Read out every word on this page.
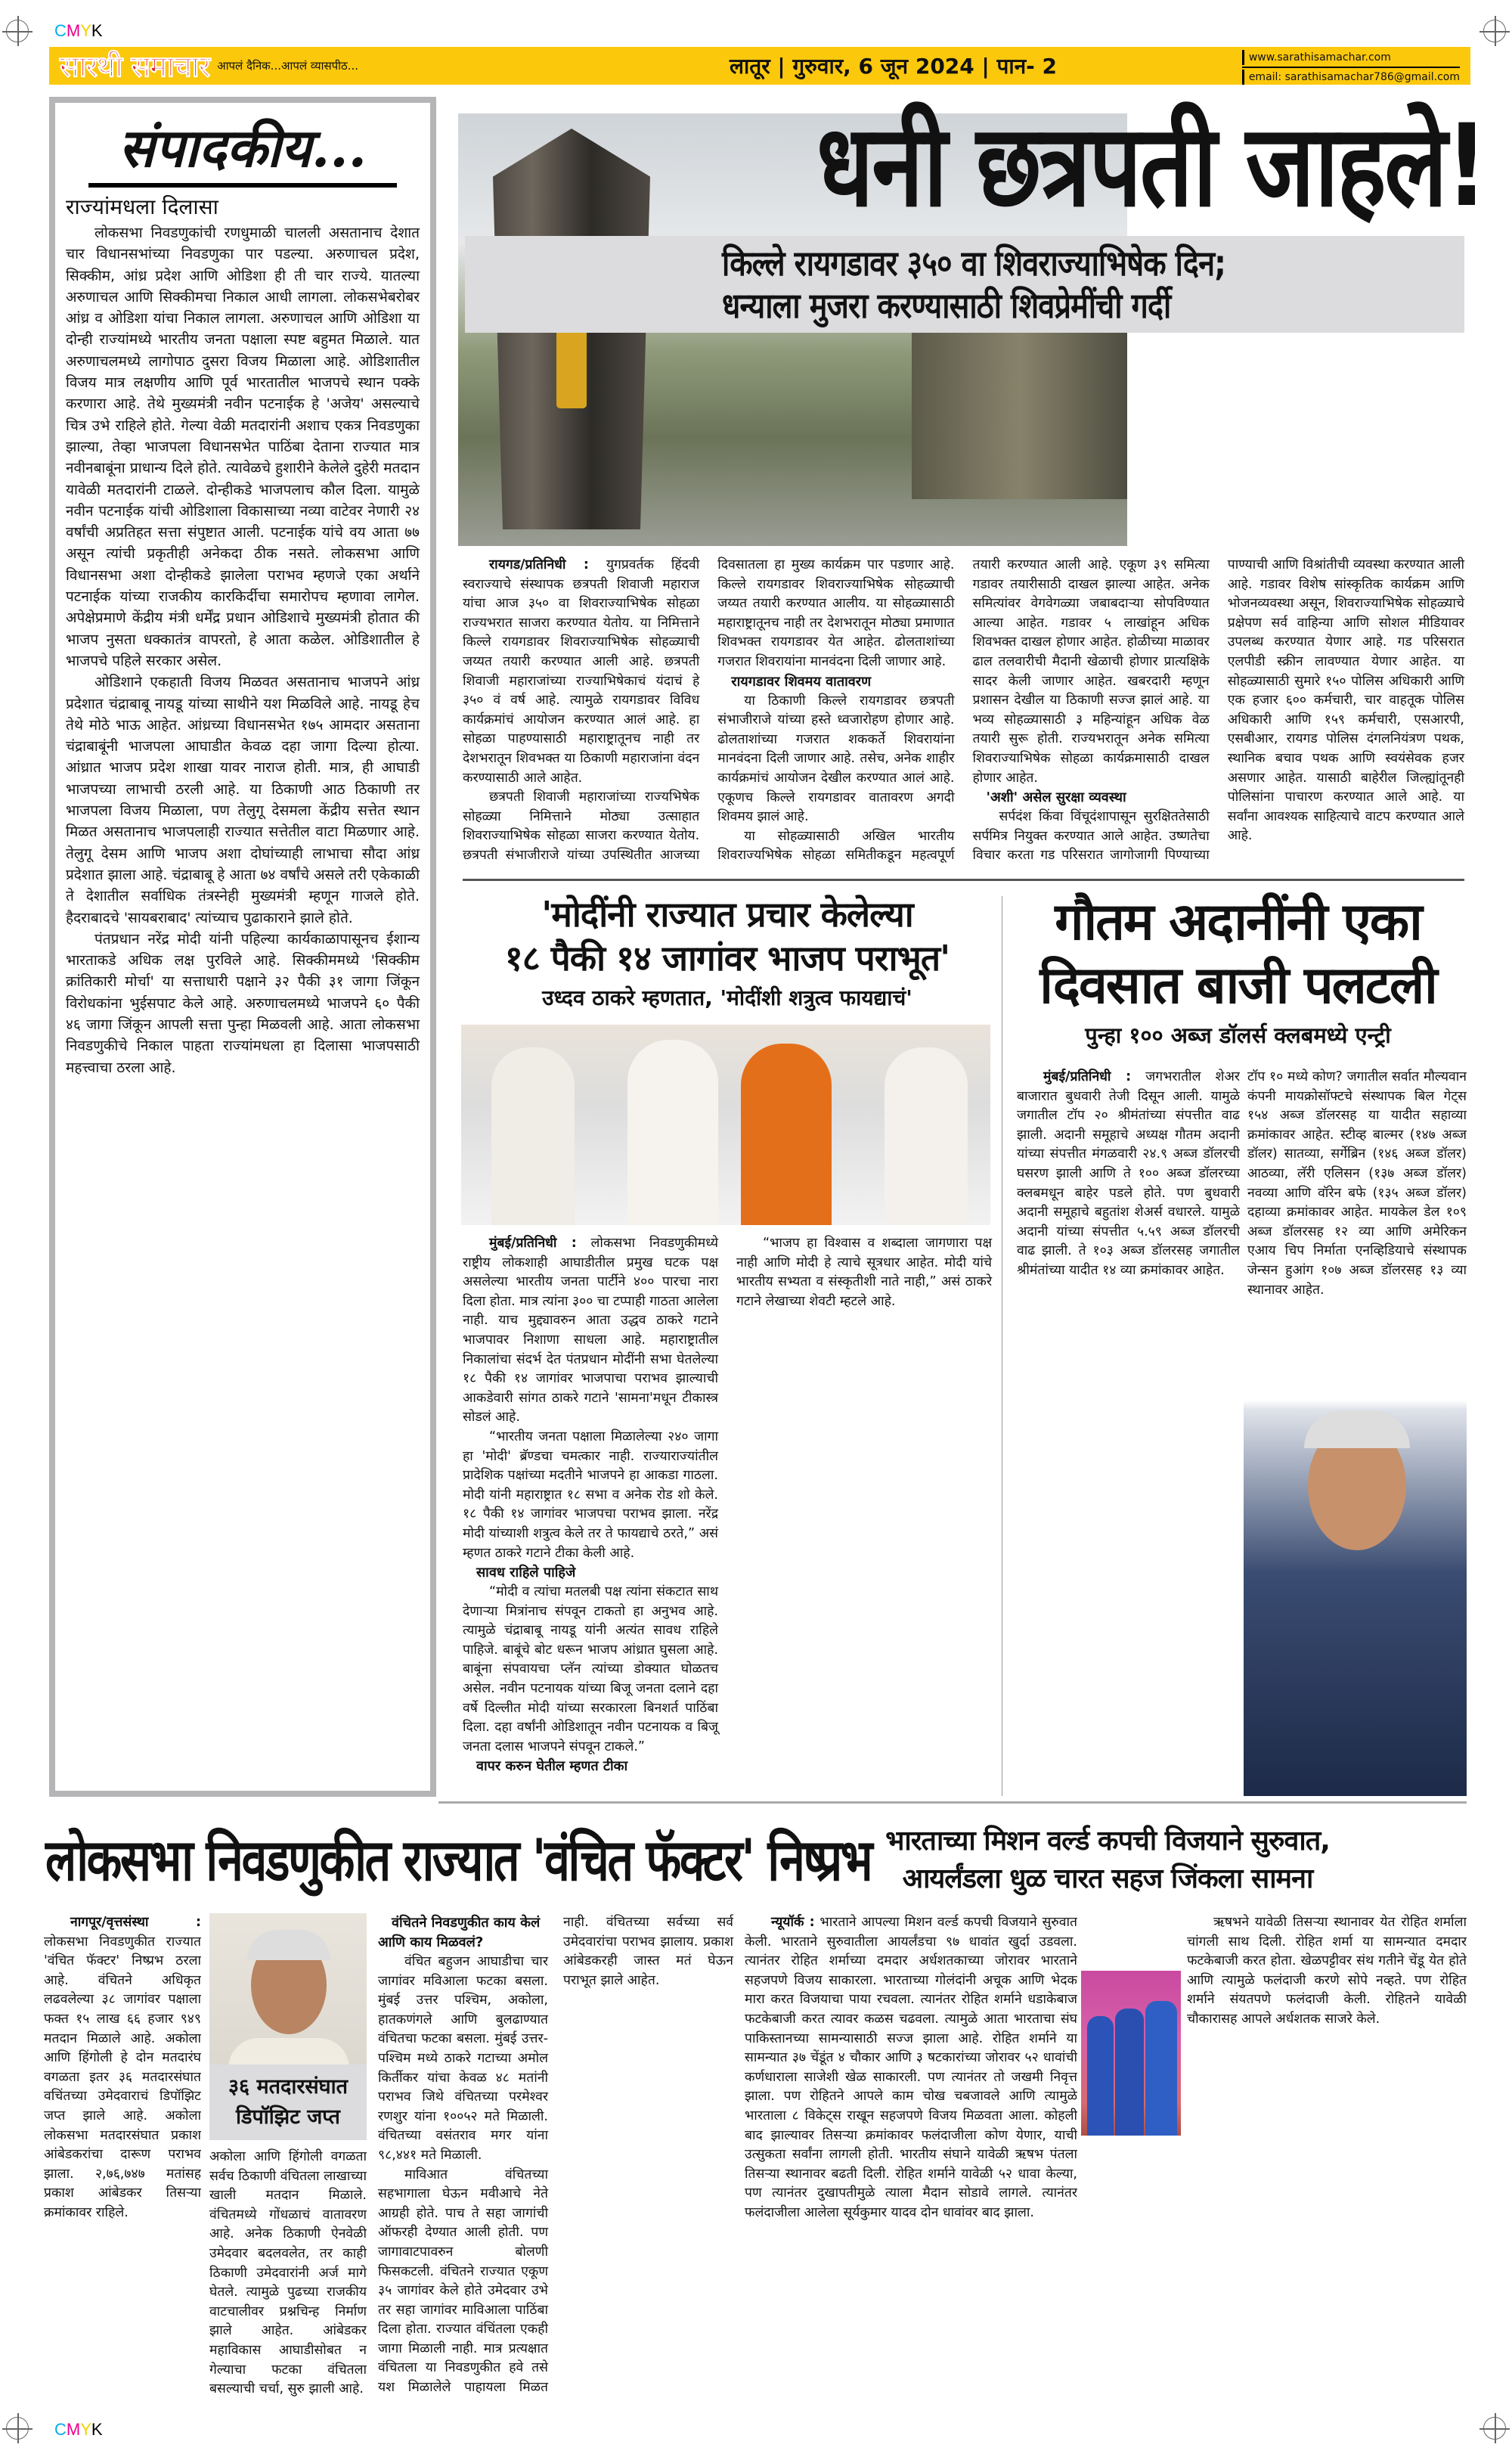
CMYK
CMYK
सारथी समाचार आपलं दैनिक...आपलं व्यासपीठ...	लातूर | गुरुवार, 6 जून 2024 | पान- 2	www.sarathisamachar.com
email: sarathisamachar786@gmail.com
संपादकीय...
राज्यांमधला दिलासा

लोकसभा निवडणुकांची रणधुमाळी चालली असतानाच देशात चार विधानसभांच्या निवडणुका पार पडल्या. अरुणाचल प्रदेश, सिक्कीम, आंध्र प्रदेश आणि ओडिशा ही ती चार राज्ये. यातल्या अरुणाचल आणि सिक्कीमचा निकाल आधी लागला. लोकसभेबरोबर आंध्र व ओडिशा यांचा निकाल लागला. अरुणाचल आणि ओडिशा या दोन्ही राज्यांमध्ये भारतीय जनता पक्षाला स्पष्ट बहुमत मिळाले. यात अरुणाचलमध्ये लागोपाठ दुसरा विजय मिळाला आहे. ओडिशातील विजय मात्र लक्षणीय आणि पूर्व भारतातील भाजपचे स्थान पक्के करणारा आहे. तेथे मुख्यमंत्री नवीन पटनाईक हे 'अजेय' असल्याचे चित्र उभे राहिले होते. गेल्या वेळी मतदारांनी अशाच एकत्र निवडणुका झाल्या, तेव्हा भाजपला विधानसभेत पाठिंबा देताना राज्यात मात्र नवीनबाबूंना प्राधान्य दिले होते. त्यावेळचे हुशारीने केलेले दुहेरी मतदान यावेळी मतदारांनी टाळले. दोन्हीकडे भाजपलाच कौल दिला. यामुळे नवीन पटनाईक यांची ओडिशाला विकासाच्या नव्या वाटेवर नेणारी २४ वर्षांची अप्रतिहत सत्ता संपुष्टात आली. पटनाईक यांचे वय आता ७७ असून त्यांची प्रकृतीही अनेकदा ठीक नसते. लोकसभा आणि विधानसभा अशा दोन्हीकडे झालेला पराभव म्हणजे एका अर्थाने पटनाईक यांच्या राजकीय कारकिर्दीचा समारोपच म्हणावा लागेल. अपेक्षेप्रमाणे केंद्रीय मंत्री धर्मेंद्र प्रधान ओडिशाचे मुख्यमंत्री होतात की भाजप नुसता धक्कातंत्र वापरतो, हे आता कळेल. ओडिशातील हे भाजपचे पहिले सरकार असेल.

ओडिशाने एकहाती विजय मिळवत असतानाच भाजपने आंध्र प्रदेशात चंद्राबाबू नायडू यांच्या साथीने यश मिळविले आहे. नायडू हेच तेथे मोठे भाऊ आहेत. आंध्रच्या विधानसभेत १७५ आमदार असताना चंद्राबाबूंनी भाजपला आघाडीत केवळ दहा जागा दिल्या होत्या. आंध्रात भाजप प्रदेश शाखा यावर नाराज होती. मात्र, ही आघाडी भाजपच्या लाभाची ठरली आहे. या ठिकाणी आठ ठिकाणी तर भाजपला विजय मिळाला, पण तेलुगू देसमला केंद्रीय सत्तेत स्थान मिळत असतानाच भाजपलाही राज्यात सत्तेतील वाटा मिळणार आहे. तेलुगू देसम आणि भाजप अशा दोघांच्याही लाभाचा सौदा आंध्र प्रदेशात झाला आहे. चंद्राबाबू हे आता ७४ वर्षांचे असले तरी एकेकाळी ते देशातील सर्वाधिक तंत्रस्नेही मुख्यमंत्री म्हणून गाजले होते. हैदराबादचे 'सायबराबाद' त्यांच्याच पुढाकाराने झाले होते.

पंतप्रधान नरेंद्र मोदी यांनी पहिल्या कार्यकाळापासूनच ईशान्य भारताकडे अधिक लक्ष पुरविले आहे. सिक्कीममध्ये 'सिक्कीम क्रांतिकारी मोर्चा' या सत्ताधारी पक्षाने ३२ पैकी ३१ जागा जिंकून विरोधकांना भुईसपाट केले आहे. अरुणाचलमध्ये भाजपने ६० पैकी ४६ जागा जिंकून आपली सत्ता पुन्हा मिळवली आहे. आता लोकसभा निवडणुकीचे निकाल पाहता राज्यांमधला हा दिलासा भाजपसाठी महत्त्वाचा ठरला आहे.

धनी छत्रपती जाहले!
किल्ले रायगडावर ३५० वा शिवराज्याभिषेक दिन;
धन्याला मुजरा करण्यासाठी शिवप्रेमींची गर्दी

रायगड/प्रतिनिधी : युगप्रवर्तक हिंदवी स्वराज्याचे संस्थापक छत्रपती शिवाजी महाराज यांचा आज ३५० वा शिवराज्याभिषेक सोहळा राज्यभरात साजरा करण्यात येतोय. या निमित्ताने किल्ले रायगडावर शिवराज्याभिषेक सोहळ्याची जय्यत तयारी करण्यात आली आहे. छत्रपती शिवाजी महाराजांच्या राज्याभिषेकाचं यंदाचं हे ३५० वं वर्ष आहे. त्यामुळे रायगडावर विविध कार्यक्रमांचं आयोजन करण्यात आलं आहे. हा सोहळा पाहण्यासाठी महाराष्ट्रातूनच नाही तर देशभरातून शिवभक्त या ठिकाणी महाराजांना वंदन करण्यासाठी आले आहेत.

छत्रपती शिवाजी महाराजांच्या राज्यभिषेक सोहळ्या निमित्ताने मोठ्या उत्साहात शिवराज्याभिषेक सोहळा साजरा करण्यात येतोय. छत्रपती संभाजीराजे यांच्या उपस्थितीत आजच्या दिवसातला हा मुख्य कार्यक्रम पार पडणार आहे. किल्ले रायगडावर शिवराज्याभिषेक सोहळ्याची जय्यत तयारी करण्यात आलीय. या सोहळ्यासाठी महाराष्ट्रातूनच नाही तर देशभरातून मोठ्या प्रमाणात शिवभक्त रायगडावर येत आहेत. ढोलताशांच्या गजरात शिवरायांना मानवंदना दिली जाणार आहे.

रायगडावर शिवमय वातावरण

या ठिकाणी किल्ले रायगडावर छत्रपती संभाजीराजे यांच्या हस्ते ध्वजारोहण होणार आहे. ढोलताशांच्या गजरात शककर्ते शिवरायांना मानवंदना दिली जाणार आहे. तसेच, अनेक शाहीर कार्यक्रमांचं आयोजन देखील करण्यात आलं आहे. एकूणच किल्ले रायगडावर वातावरण अगदी शिवमय झालं आहे.

या सोहळ्यासाठी अखिल भारतीय शिवराज्यभिषेक सोहळा समितीकडून महत्वपूर्ण तयारी करण्यात आली आहे. एकूण ३९ समित्या गडावर तयारीसाठी दाखल झाल्या आहेत. अनेक समित्यांवर वेगवेगळ्या जबाबदाऱ्या सोपविण्यात आल्या आहेत. गडावर ५ लाखांहून अधिक शिवभक्त दाखल होणार आहेत. होळीच्या माळावर ढाल तलवारीची मैदानी खेळाची होणार प्रात्यक्षिके सादर केली जाणार आहेत. खबरदारी म्हणून प्रशासन देखील या ठिकाणी सज्ज झालं आहे. या भव्य सोहळ्यासाठी ३ महिन्यांहून अधिक वेळ तयारी सुरू होती. राज्यभरातून अनेक समित्या शिवराज्याभिषेक सोहळा कार्यक्रमासाठी दाखल होणार आहेत.

'अशी' असेल सुरक्षा व्यवस्था

सर्पदंश किंवा विंचूदंशापासून सुरक्षिततेसाठी सर्पमित्र नियुक्त करण्यात आले आहेत. उष्णतेचा विचार करता गड परिसरात जागोजागी पिण्याच्या पाण्याची आणि विश्रांतीची व्यवस्था करण्यात आली आहे. गडावर विशेष सांस्कृतिक कार्यक्रम आणि भोजनव्यवस्था असून, शिवराज्याभिषेक सोहळ्याचे प्रक्षेपण सर्व वाहिन्या आणि सोशल मीडियावर उपलब्ध करण्यात येणार आहे. गड परिसरात एलपीडी स्क्रीन लावण्यात येणार आहेत. या सोहळ्यासाठी सुमारे १५० पोलिस अधिकारी आणि एक हजार ६०० कर्मचारी, चार वाहतूक पोलिस अधिकारी आणि १५९ कर्मचारी, एसआरपी, एसबीआर, रायगड पोलिस दंगलनियंत्रण पथक, स्थानिक बचाव पथक आणि स्वयंसेवक हजर असणार आहेत. यासाठी बाहेरील जिल्ह्यांतूनही पोलिसांना पाचारण करण्यात आले आहे. या सर्वांना आवश्यक साहित्याचे वाटप करण्यात आले आहे.

'मोदींनी राज्यात प्रचार केलेल्या
१८ पैकी १४ जागांवर भाजप पराभूत'
उध्दव ठाकरे म्हणतात, 'मोदींशी शत्रुत्व फायद्याचं'

मुंबई/प्रतिनिधी : लोकसभा निवडणुकीमध्ये राष्ट्रीय लोकशाही आघाडीतील प्रमुख घटक पक्ष असलेल्या भारतीय जनता पार्टीने ४०० पारचा नारा दिला होता. मात्र त्यांना ३०० चा टप्पाही गाठता आलेला नाही. याच मुद्द्यावरुन आता उद्धव ठाकरे गटाने भाजपावर निशाणा साधला आहे. महाराष्ट्रातील निकालांचा संदर्भ देत पंतप्रधान मोदींनी सभा घेतलेल्या १८ पैकी १४ जागांवर भाजपाचा पराभव झाल्याची आकडेवारी सांगत ठाकरे गटाने 'सामना'मधून टीकास्त्र सोडलं आहे.

“भारतीय जनता पक्षाला मिळालेल्या २४० जागा हा 'मोदी' ब्रॅण्डचा चमत्कार नाही. राज्याराज्यांतील प्रादेशिक पक्षांच्या मदतीने भाजपने हा आकडा गाठला. मोदी यांनी महाराष्ट्रात १८ सभा व अनेक रोड शो केले. १८ पैकी १४ जागांवर भाजपचा पराभव झाला. नरेंद्र मोदी यांच्याशी शत्रुत्व केले तर ते फायद्याचे ठरते,” असं म्हणत ठाकरे गटाने टीका केली आहे.

सावध राहिले पाहिजे

“मोदी व त्यांचा मतलबी पक्ष त्यांना संकटात साथ देणाऱ्या मित्रांनाच संपवून टाकतो हा अनुभव आहे. त्यामुळे चंद्राबाबू नायडू यांनी अत्यंत सावध राहिले पाहिजे. बाबूंचे बोट धरून भाजप आंध्रात घुसला आहे. बाबूंना संपवायचा प्लॅन त्यांच्या डोक्यात घोळतच असेल. नवीन पटनायक यांच्या बिजू जनता दलाने दहा वर्षे दिल्लीत मोदी यांच्या सरकारला बिनशर्त पाठिंबा दिला. दहा वर्षांनी ओडिशातून नवीन पटनायक व बिजू जनता दलास भाजपने संपवून टाकले.”

वापर करुन घेतील म्हणत टीका

“भाजप हा विश्वास व शब्दाला जागणारा पक्ष नाही आणि मोदी हे त्याचे सूत्रधार आहेत. मोदी यांचे भारतीय सभ्यता व संस्कृतीशी नाते नाही,” असं ठाकरे गटाने लेखाच्या शेवटी म्हटले आहे.

गौतम अदानींनी एका
दिवसात बाजी पलटली
पुन्हा १०० अब्ज डॉलर्स क्लबमध्ये एन्ट्री

मुंबई/प्रतिनिधी : जगभरातील शेअर बाजारात बुधवारी तेजी दिसून आली. यामुळे जगातील टॉप २० श्रीमंतांच्या संपत्तीत वाढ झाली. अदानी समूहाचे अध्यक्ष गौतम अदानी यांच्या संपत्तीत मंगळवारी २४.९ अब्ज डॉलरची घसरण झाली आणि ते १०० अब्ज डॉलरच्या क्लबमधून बाहेर पडले होते. पण बुधवारी अदानी समूहाचे बहुतांश शेअर्स वधारले. यामुळे अदानी यांच्या संपत्तीत ५.५९ अब्ज डॉलरची वाढ झाली. ते १०३ अब्ज डॉलरसह जगातील श्रीमंतांच्या यादीत १४ व्या क्रमांकावर आहेत.

टॉप १० मध्ये कोण? जगातील सर्वात मौल्यवान कंपनी मायक्रोसॉफ्टचे संस्थापक बिल गेट्स १५४ अब्ज डॉलरसह या यादीत सहाव्या क्रमांकावर आहेत. स्टीव्ह बाल्मर (१४७ अब्ज डॉलर) सातव्या, सर्गेब्रिन (१४६ अब्ज डॉलर) आठव्या, लॅरी एलिसन (१३७ अब्ज डॉलर) नवव्या आणि वॉरेन बफे (१३५ अब्ज डॉलर) दहाव्या क्रमांकावर आहेत. मायकेल डेल १०९ अब्ज डॉलरसह १२ व्या आणि अमेरिकन एआय चिप निर्माता एनव्हिडियाचे संस्थापक जेन्सन हुआंग १०७ अब्ज डॉलरसह १३ व्या स्थानावर आहेत.

लोकसभा निवडणुकीत राज्यात 'वंचित फॅक्टर' निष्प्रभ

नागपूर/वृत्तसंस्था : लोकसभा निवडणुकीत राज्यात 'वंचित फॅक्टर' निष्प्रभ ठरला आहे. वंचितने अधिकृत लढवलेल्या ३८ जागांवर पक्षाला फक्त १५ लाख ६६ हजार ९४९ मतदान मिळाले आहे. अकोला आणि हिंगोली हे दोन मतदारंघ वगळता इतर ३६ मतदारसंघात वचिंतच्या उमेदवाराचं डिपॉझिट जप्त झाले आहे. अकोला लोकसभा मतदारसंघात प्रकाश आंबेडकरांचा दारूण पराभव झाला. २,७६,७४७ मतांसह प्रकाश आंबेडकर तिसऱ्या क्रमांकावर राहिले.

३६ मतदारसंघात डिपॉझिट जप्त

अकोला आणि हिंगोली वगळता सर्वच ठिकाणी वंचितला लाखाच्या खाली मतदान मिळाले. वंचितमध्ये गोंधळाचं वातावरण आहे. अनेक ठिकाणी ऐनवेळी उमेदवार बदलवलेत, तर काही ठिकाणी उमेदवारांनी अर्ज मागे घेतले. त्यामुळे पुढच्या राजकीय वाटचालीवर प्रश्नचिन्ह निर्माण झाले आहेत. आंबेडकर महाविकास आघाडीसोबत न गेल्याचा फटका वंचितला बसल्याची चर्चा, सुरु झाली आहे.

वंचितने निवडणुकीत काय केलं आणि काय मिळवलं?

वंचित बहुजन आघाडीचा चार जागांवर मविआला फटका बसला. मुंबई उत्तर पश्चिम, अकोला, हातकणंगले आणि बुलढाण्यात वंचितचा फटका बसला. मुंबई उत्तर-पश्चिम मध्ये ठाकरे गटाच्या अमोल किर्तीकर यांचा केवळ ४८ मतांनी पराभव जिथे वंचितच्या परमेश्वर रणशुर यांना १००५२ मते मिळाली. वंचितच्या वसंतराव मगर यांना ९८,४४१ मते मिळाली.

माविआत वंचितच्या सहभागाला घेऊन मवीआचे नेते आग्रही होते. पाच ते सहा जागांची ऑफरही देण्यात आली होती. पण जागावाटपावरुन बोलणी फिसकटली. वंचितने राज्यात एकूण ३५ जागांवर केले होते उमेदवार उभे तर सहा जागांवर माविआला पाठिंबा दिला होता. राज्यात वंचिंतला एकही जागा मिळाली नाही. मात्र प्रत्यक्षात वंचितला या निवडणुकीत हवे तसे यश मिळालेले पाहायला मिळत नाही. वंचितच्या सर्वच्या सर्व उमेदवारांचा पराभव झालाय. प्रकाश आंबेडकरही जास्त मतं घेऊन पराभूत झाले आहेत.

भारताच्या मिशन वर्ल्ड कपची विजयाने सुरुवात,
आयर्लंडला धुळ चारत सहज जिंकला सामना

न्यूयॉर्क : भारताने आपल्या मिशन वर्ल्ड कपची विजयाने सुरुवात केली. भारताने सुरुवातीला आयर्लंडचा ९७ धावांत खुर्दा उडवला. त्यानंतर रोहित शर्माच्या दमदार अर्धशतकाच्या जोरावर भारताने सहजपणे विजय साकारला. भारताच्या गोलंदांनी अचूक आणि भेदक मारा करत विजयाचा पाया रचवला. त्यानंतर रोहित शर्माने धडाकेबाज फटकेबाजी करत त्यावर कळस चढवला. त्यामुळे आता भारताचा संघ पाकिस्तानच्या सामन्यासाठी सज्ज झाला आहे. रोहित शर्माने या सामन्यात ३७ चेंडूंत ४ चौकार आणि ३ षटकारांच्या जोरावर ५२ धावांची कर्णधाराला साजेशी खेळ साकारली. पण त्यानंतर तो जखमी निवृत्त झाला. पण रोहितने आपले काम चोख चबजावले आणि त्यामुळे भारताला ८ विकेट्स राखून सहजपणे विजय मिळवता आला. कोहली बाद झाल्यावर तिसऱ्या क्रमांकावर फलंदाजीला कोण येणार, याची उत्सुकता सर्वांना लागली होती. भारतीय संघाने यावेळी ऋषभ पंतला तिसऱ्या स्थानावर बढती दिली. रोहित शर्माने यावेळी ५२ धावा केल्या, पण त्यानंतर दुखापतीमुळे त्याला मैदान सोडावे लागले. त्यानंतर फलंदाजीला आलेला सूर्यकुमार यादव दोन धावांवर बाद झाला.

ऋषभने यावेळी तिसऱ्या स्थानावर येत रोहित शर्माला चांगली साथ दिली. रोहित शर्मा या सामन्यात दमदार फटकेबाजी करत होता. खेळपट्टीवर संथ गतीने चेंडू येत होते आणि त्यामुळे फलंदाजी करणे सोपे नव्हते. पण रोहित शर्माने संयतपणे फलंदाजी केली. रोहितने यावेळी चौकारासह आपले अर्धशतक साजरे केले.
